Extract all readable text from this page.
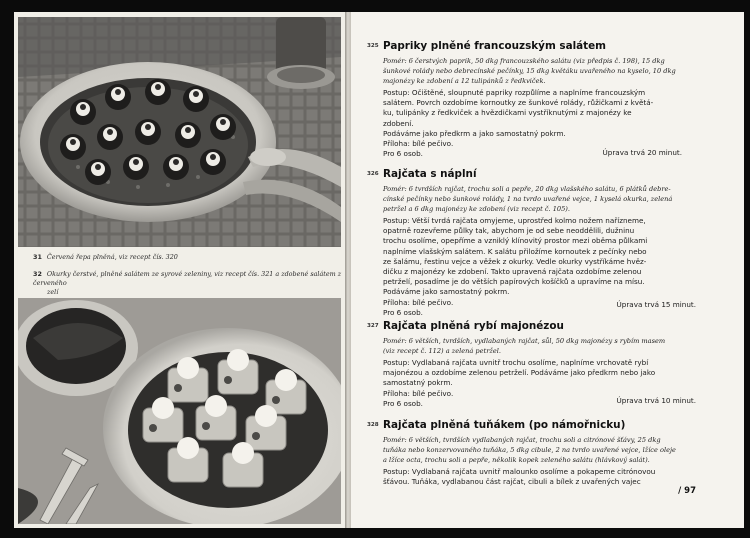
31 Červená řepa plněná, viz recept čís. 320
32 Okurky čerstvé, plněné salátem ze syrové zeleniny, viz recept čís. 321 a zdobené salátem z červeného
zelí
325 Papriky plněné francouzským salátem
Pomér: 6 čerstvých paprik, 50 dkg francouzského salátu (viz předpis č. 198), 15 dkg
šunkové rolády nebo debrecínské pečínky, 15 dkg květáku uvařeného na kyselo, 10 dkg
majonézy ke zdobení a 12 tulipánků z ředkviček.
Postup: Očištěné, sloupnuté papriky rozpůlíme a naplníme francouzským
salátem. Povrch ozdobíme kornoutky ze šunkové rolády, růžičkami z květá-
ku, tulipánky z ředkviček a hvězdičkami vystříknutými z majonézy ke
zdobení.
Podáváme jako předkrm a jako samostatný pokrm.
Příloha: bílé pečivo.
Pro 6 osob.	Úprava trvá 20 minut.
326 Rajčata s náplní
Pomér: 6 tvrdších rajčat, trochu soli a pepře, 20 dkg vlašského salátu, 6 plátků debre-
cínské pečínky nebo šunkové rolády, 1 na tvrdo uvařené vejce, 1 kyselá okurka, zelená
petržel a 6 dkg majonézy ke zdobení (viz recept č. 105).
Postup: Větší tvrdá rajčata omyjeme, uprostřed kolmo nožem nařízneme,
opatrně rozevřeme půlky tak, abychom je od sebe neoddělili, dužninu
trochu osolíme, opepříme a vzniklý klínovitý prostor mezi oběma půlkami
naplníme vlašským salátem. K salátu přiložíme kornoutek z pečínky nebo
ze šalámu, řestinu vejce a věžek z okurky. Vedle okurky vystříkáme hvěz-
dičku z majonézy ke zdobení. Takto upravená rajčata ozdobíme zelenou
petrželí, posadíme je do větších papírových košíčků a upravíme na mísu.
Podáváme jako samostatný pokrm.
Příloha: bílé pečivo.
Pro 6 osob.
Úprava trvá 15 minut.
327 Rajčata plněná rybí majonézou
Pomér: 6 větších, tvrdších, vydlabaných rajčat, sůl, 50 dkg majonézy s rybím masem
(viz recept č. 112) a zelená petržel.
Postup: Vydlabaná rajčata uvnitř trochu osolíme, naplníme vrchovatě rybí
majonézou a ozdobíme zelenou petrželí. Podáváme jako předkrm nebo jako
samostatný pokrm.
Příloha: bílé pečivo.
Pro 6 osob.	Úprava trvá 10 minut.
328 Rajčata plněná tuňákem (po námořnicku)
Pomér: 6 větších, tvrdších vydlabaných rajčat, trochu soli a citrónové šťávy, 25 dkg
tuňáka nebo konzervovaného tuňáka, 5 dkg cibule, 2 na tvrdo uvařené vejce, lžíce oleje
a lžíce octa, trochu soli a pepře, několik kopek zeleného salátu (hlávkový salát).
Postup: Vydlabaná rajčata uvnitř malounko osolíme a pokapeme citrónovou
šťávou. Tuňáka, vydlabanou část rajčat, cibuli a bílek z uvařených vajec
/ 97
